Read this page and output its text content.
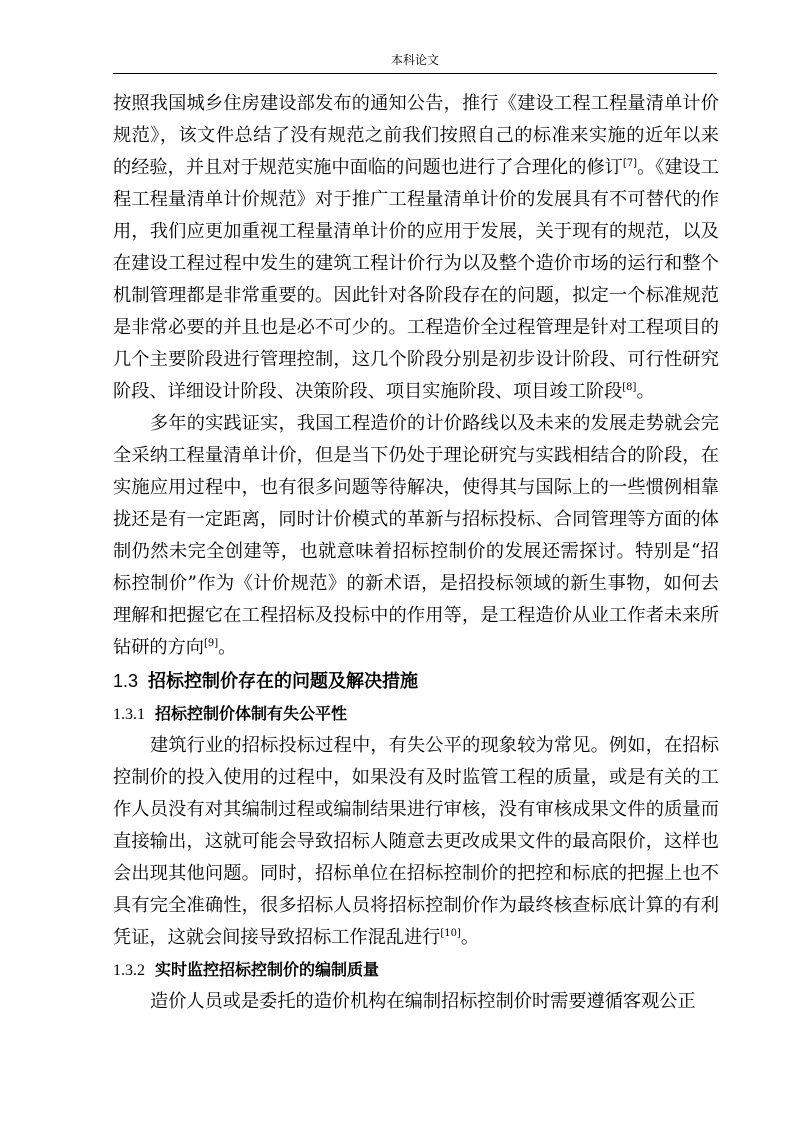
本科论文

按照我国城乡住房建设部发布的通知公告，推行《建设工程工程量清单计价规范》，该文件总结了没有规范之前我们按照自己的标准来实施的近年以来的经验，并且对于规范实施中面临的问题也进行了合理化的修订[7]。《建设工程工程量清单计价规范》对于推广工程量清单计价的发展具有不可替代的作用，我们应更加重视工程量清单计价的应用于发展，关于现有的规范，以及在建设工程过程中发生的建筑工程计价行为以及整个造价市场的运行和整个机制管理都是非常重要的。因此针对各阶段存在的问题，拟定一个标准规范是非常必要的并且也是必不可少的。工程造价全过程管理是针对工程项目的几个主要阶段进行管理控制，这几个阶段分别是初步设计阶段、可行性研究阶段、详细设计阶段、决策阶段、项目实施阶段、项目竣工阶段[8]。

多年的实践证实，我国工程造价的计价路线以及未来的发展走势就会完全采纳工程量清单计价，但是当下仍处于理论研究与实践相结合的阶段，在实施应用过程中，也有很多问题等待解决，使得其与国际上的一些惯例相靠拢还是有一定距离，同时计价模式的革新与招标投标、合同管理等方面的体制仍然未完全创建等，也就意味着招标控制价的发展还需探讨。特别是“招标控制价”作为《计价规范》的新术语，是招投标领域的新生事物，如何去理解和把握它在工程招标及投标中的作用等，是工程造价从业工作者未来所钻研的方向[9]。

1.3 招标控制价存在的问题及解决措施
1.3.1 招标控制价体制有失公平性

建筑行业的招标投标过程中，有失公平的现象较为常见。例如，在招标控制价的投入使用的过程中，如果没有及时监管工程的质量，或是有关的工作人员没有对其编制过程或编制结果进行审核，没有审核成果文件的质量而直接输出，这就可能会导致招标人随意去更改成果文件的最高限价，这样也会出现其他问题。同时，招标单位在招标控制价的把控和标底的把握上也不具有完全准确性，很多招标人员将招标控制价作为最终核查标底计算的有利凭证，这就会间接导致招标工作混乱进行[10]。

1.3.2 实时监控招标控制价的编制质量

造价人员或是委托的造价机构在编制招标控制价时需要遵循客观公正
